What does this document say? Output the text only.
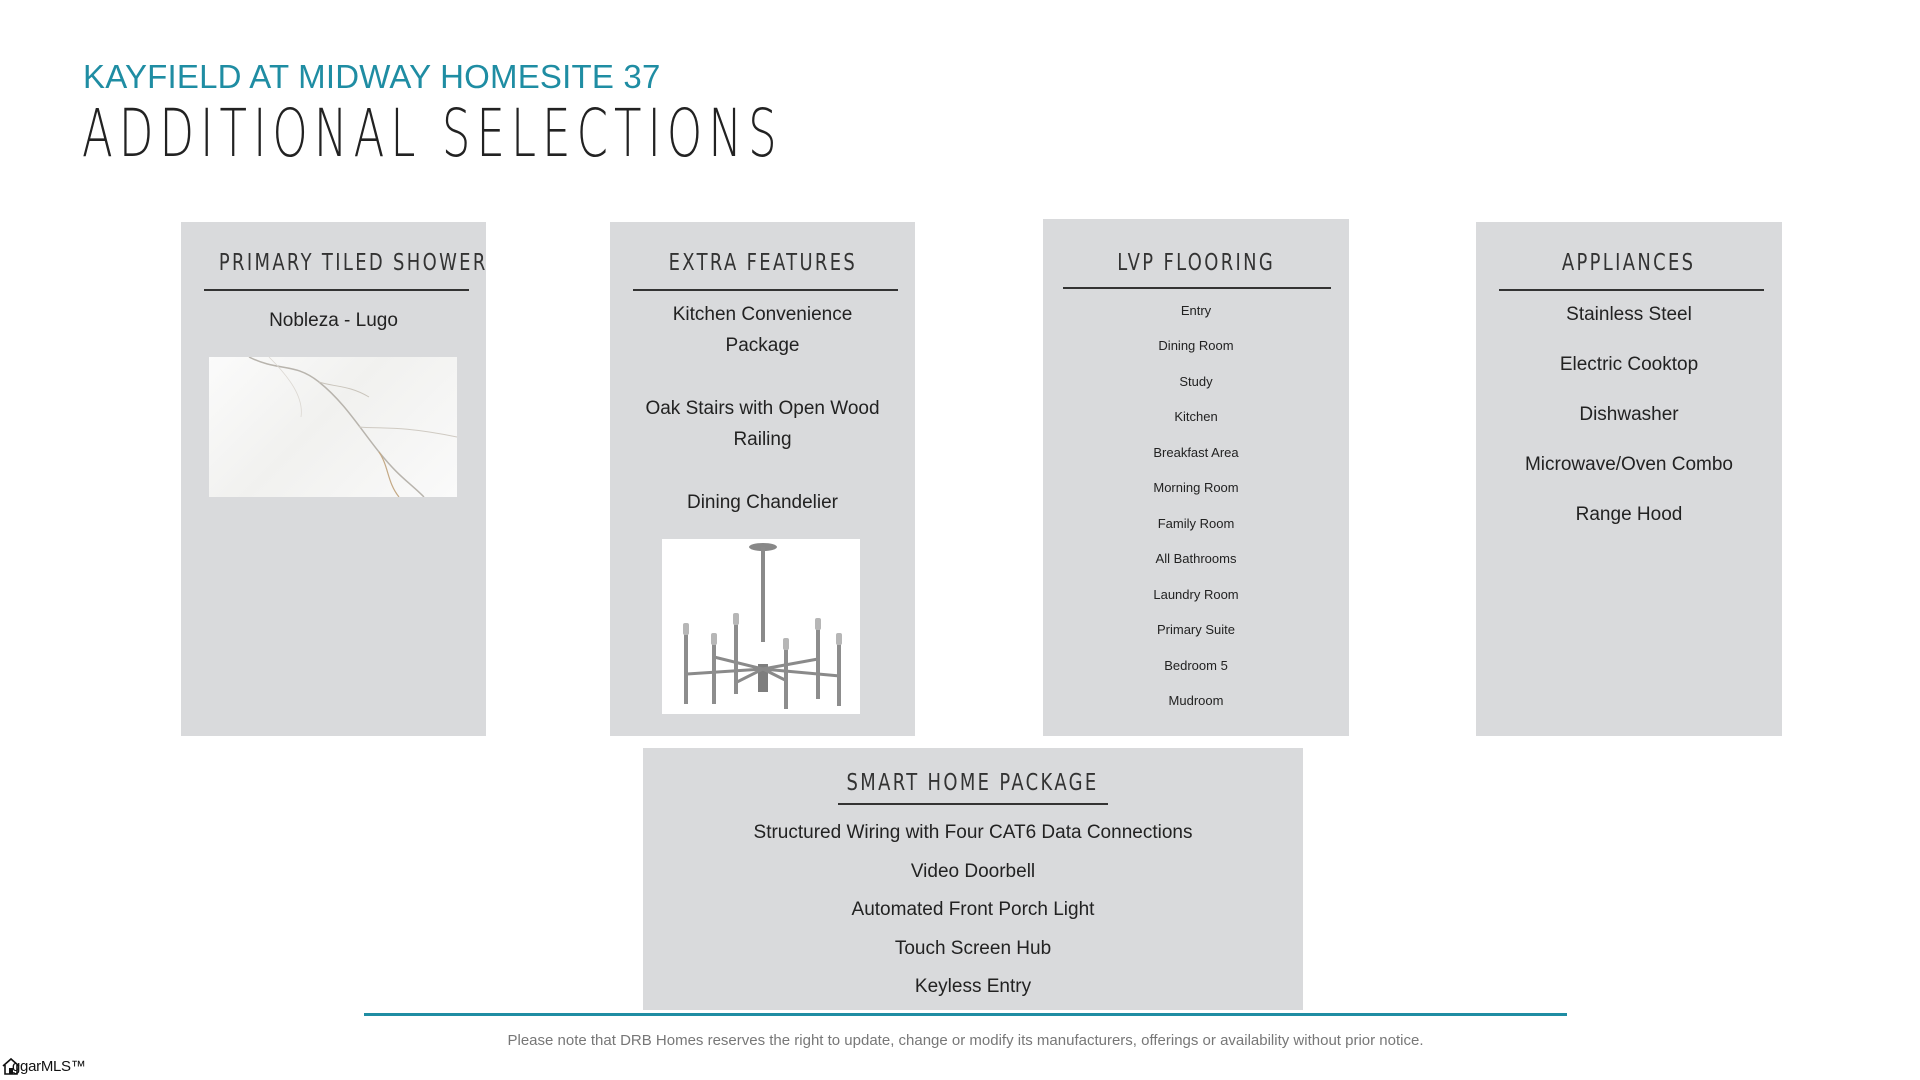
KAYFIELD AT MIDWAY HOMESITE 37
ADDITIONAL SELECTIONS
PRIMARY TILED SHOWER
Nobleza - Lugo
EXTRA FEATURES
Kitchen Convenience
Package
Oak Stairs with Open Wood
Railing
Dining Chandelier
LVP FLOORING
Entry
Dining Room
Study
Kitchen
Breakfast Area
Morning Room
Family Room
All Bathrooms
Laundry Room
Primary Suite
Bedroom 5
Mudroom
APPLIANCES
Stainless Steel
Electric Cooktop
Dishwasher
Microwave/Oven Combo
Range Hood
SMART HOME PACKAGE
Structured Wiring with Four CAT6 Data Connections
Video Doorbell
Automated Front Porch Light
Touch Screen Hub
Keyless Entry
Please note that DRB Homes reserves the right to update, change or modify its manufacturers, offerings or availability without prior notice.
ggarMLS™
